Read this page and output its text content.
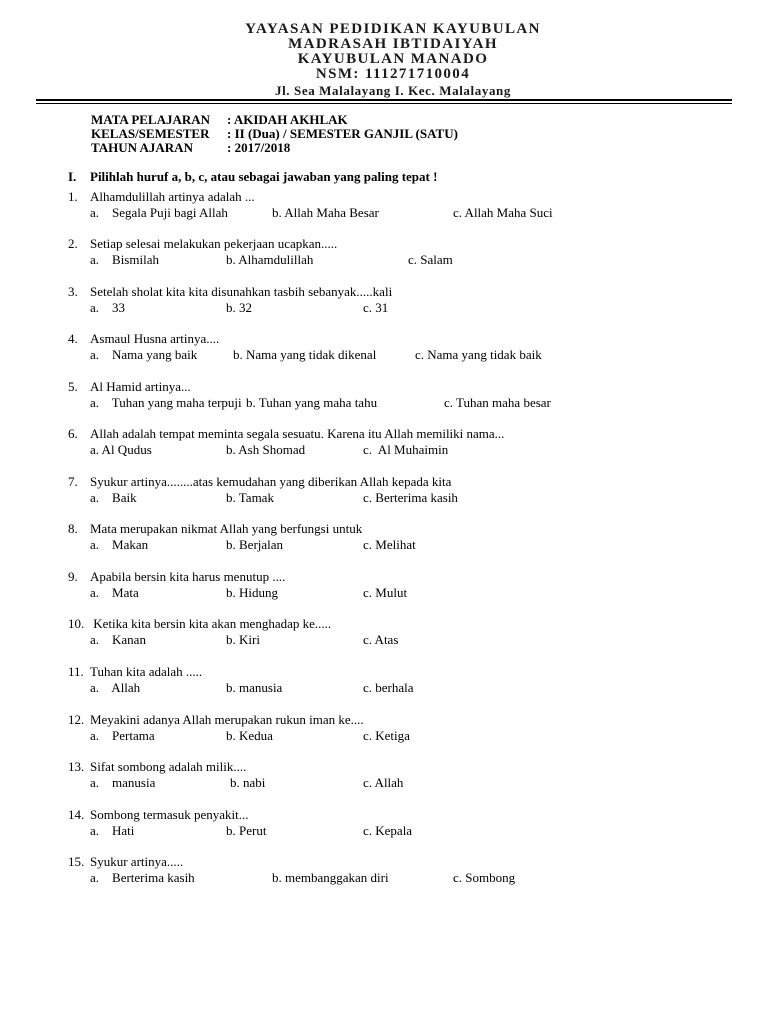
YAYASAN PEDIDIKAN KAYUBULAN
MADRASAH IBTIDAIYAH
KAYUBULAN MANADO
NSM: 111271710004
Jl. Sea Malalayang I. Kec. Malalayang
MATA PELAJARAN	: AKIDAH AKHLAK
KELAS/SEMESTER	: II (Dua) / SEMESTER GANJIL (SATU)
TAHUN AJARAN	: 2017/2018
I. Pilihlah huruf a, b, c, atau sebagai jawaban yang paling tepat !
1. Alhamdulillah artinya adalah ...
a.    Segala Puji bagi Allah	b. Allah Maha Besar	c. Allah Maha Suci
2. Setiap selesai melakukan pekerjaan ucapkan.....
a.    Bismilah	b. Alhamdulillah	c. Salam
3. Setelah sholat kita kita disunahkan tasbih sebanyak.....kali
a.    33	b. 32	c. 31
4. Asmaul Husna artinya....
a.    Nama yang baik	b. Nama yang tidak dikenal	c. Nama yang tidak baik
5. Al Hamid artinya...
a.    Tuhan yang maha terpuji b. Tuhan yang maha tahu	c. Tuhan maha besar
6. Allah adalah tempat meminta segala sesuatu. Karena itu Allah memiliki nama...
a. Al Qudus	b. Ash Shomad	c.  Al Muhaimin
7. Syukur artinya........atas kemudahan yang diberikan Allah kepada kita
a.    Baik	b. Tamak	c. Berterima kasih
8. Mata merupakan nikmat Allah yang berfungsi untuk
a.    Makan	b. Berjalan	c. Melihat
9. Apabila bersin kita harus menutup ....
a.    Mata	b. Hidung	c. Mulut
10. Ketika kita bersin kita akan menghadap ke.....
a.    Kanan	b. Kiri	c. Atas
11. Tuhan kita adalah .....
a.    Allah	b. manusia	c. berhala
12. Meyakini adanya Allah merupakan rukun iman ke....
a.    Pertama	b. Kedua	c. Ketiga
13. Sifat sombong adalah milik....
a.    manusia	b. nabi	c. Allah
14. Sombong termasuk penyakit...
a.    Hati	b. Perut	c. Kepala
15. Syukur artinya.....
a.    Berterima kasih	b. membanggakan diri	c. Sombong
